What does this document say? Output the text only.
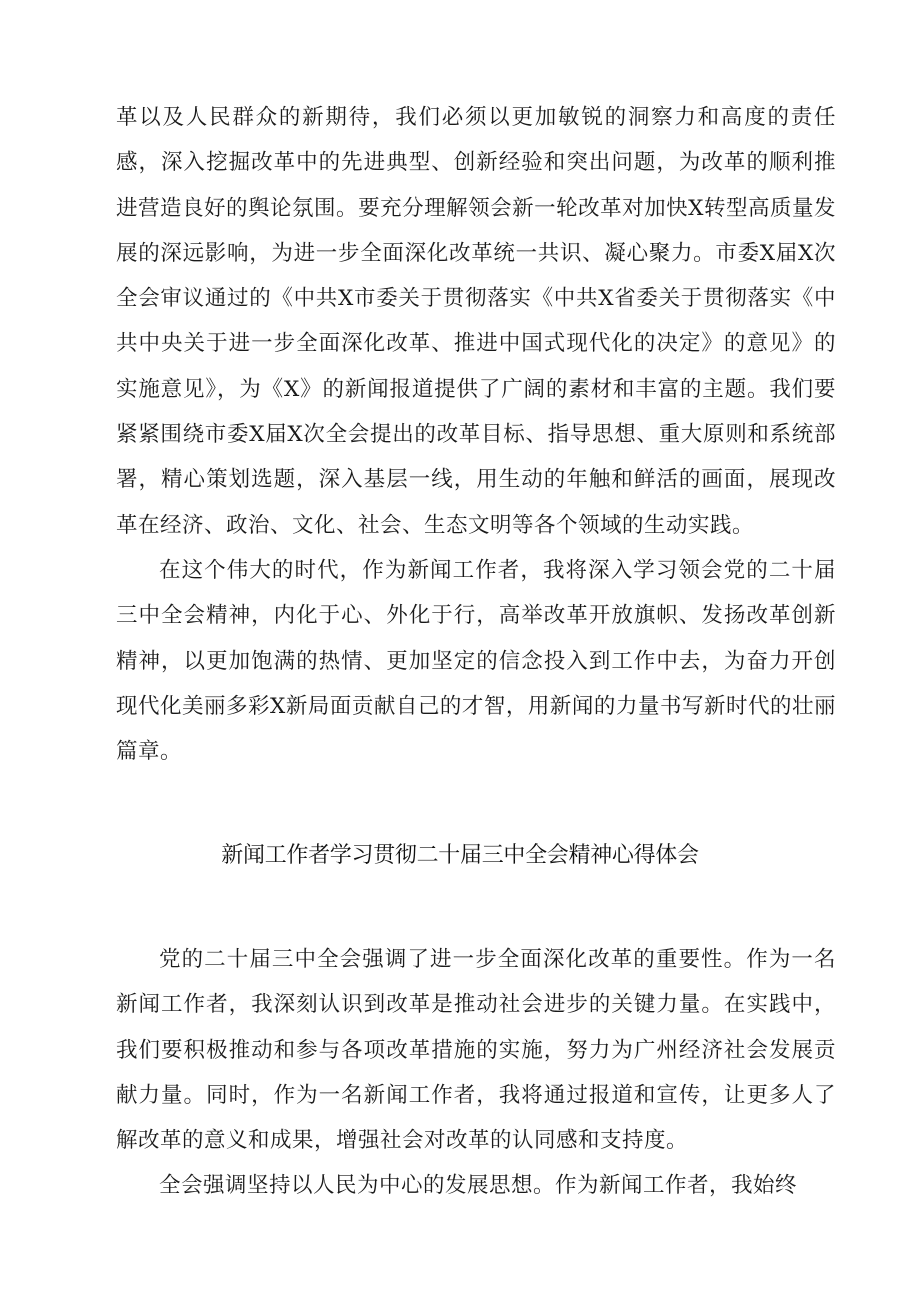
革以及人民群众的新期待，我们必须以更加敏锐的洞察力和高度的责任感，深入挖掘改革中的先进典型、创新经验和突出问题，为改革的顺利推进营造良好的舆论氛围。要充分理解领会新一轮改革对加快X转型高质量发展的深远影响，为进一步全面深化改革统一共识、凝心聚力。市委X届X次全会审议通过的《中共X市委关于贯彻落实《中共X省委关于贯彻落实《中共中央关于进一步全面深化改革、推进中国式现代化的决定》的意见》的实施意见》，为《X》的新闻报道提供了广阔的素材和丰富的主题。我们要紧紧围绕市委X届X次全会提出的改革目标、指导思想、重大原则和系统部署，精心策划选题，深入基层一线，用生动的年触和鲜活的画面，展现改革在经济、政治、文化、社会、生态文明等各个领域的生动实践。

在这个伟大的时代，作为新闻工作者，我将深入学习领会党的二十届三中全会精神，内化于心、外化于行，高举改革开放旗帜、发扬改革创新精神，以更加饱满的热情、更加坚定的信念投入到工作中去，为奋力开创现代化美丽多彩X新局面贡献自己的才智，用新闻的力量书写新时代的壮丽篇章。

新闻工作者学习贯彻二十届三中全会精神心得体会

党的二十届三中全会强调了进一步全面深化改革的重要性。作为一名新闻工作者，我深刻认识到改革是推动社会进步的关键力量。在实践中，我们要积极推动和参与各项改革措施的实施，努力为广州经济社会发展贡献力量。同时，作为一名新闻工作者，我将通过报道和宣传，让更多人了解改革的意义和成果，增强社会对改革的认同感和支持度。

全会强调坚持以人民为中心的发展思想。作为新闻工作者，我始终
